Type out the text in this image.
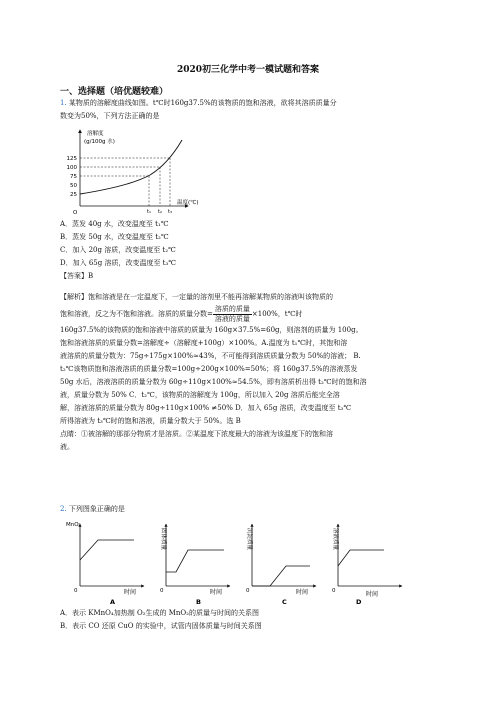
2020初三化学中考一模试题和答案
一、选择题（培优题较难）
1. 某物质的溶解度曲线如图。t℃时160g37.5%的该物质的饱和溶液，欲将其溶质质量分
数变为50%，下列方法正确的是
溶解度
(g/100g 水)
125
100
75
50
25
O	t₁ t₂ t₃
温度(℃)
A．蒸发 40g 水，改变温度至 t₁℃
B．蒸发 50g 水，改变温度至 t₂℃
C．加入 20g 溶质，改变温度至 t₂℃
D．加入 65g 溶质，改变温度至 t₃℃
【答案】B
【解析】饱和溶液是在一定温度下，一定量的溶剂里不能再溶解某物质的溶液叫该物质的
饱和溶液，反之为不饱和溶液。溶质的质量分数= $\frac{\text{溶质的质量}}{\text{溶液的质量}} \times 100\%$，t℃时
160g37.5%的该物质的饱和溶液中溶质的质量为 160g×37.5%=60g，则溶剂的质量为 100g。
饱和溶液溶质的质量分数=溶解度÷（溶解度+100g）×100%。A.温度为 t₁℃时，其饱和溶
液溶质的质量分数为：75g÷175g×100%≈43%，不可能得到溶质质量分数为 50%的溶液； B.
t₂℃该物质饱和溶液溶质的质量分数=100g÷200g×100%=50%；将 160g37.5%的溶液蒸发
50g 水后，溶液溶质的质量分数为 60g÷110g×100%≈54.5%，即有溶质析出得 t₂℃时的饱和溶
液，质量分数为 50% C．t₂℃，该物质的溶解度为 100g，所以加入 20g 溶质后能完全溶
解，溶液溶质的质量分数为 80g÷110g×100% ≠50% D．加入 65g 溶质，改变温度至 t₃℃
所得溶液为 t₃℃时的饱和溶液，质量分数大于 50%。选 B
点睛：①被溶解的那部分物质才是溶质。②某温度下浓度最大的溶液为该温度下的饱和溶
液。
2. 下列图象正确的是
MnO₂
0	时间
A
固体质量
0	时间
B
沉淀质量
0	时间
C
溶液质量
0	时间
D
A．表示 KMnO₄加热制 O₂生成的 MnO₂的质量与时间的关系图
B．表示 CO 还原 CuO 的实验中，试管内固体质量与时间关系图
